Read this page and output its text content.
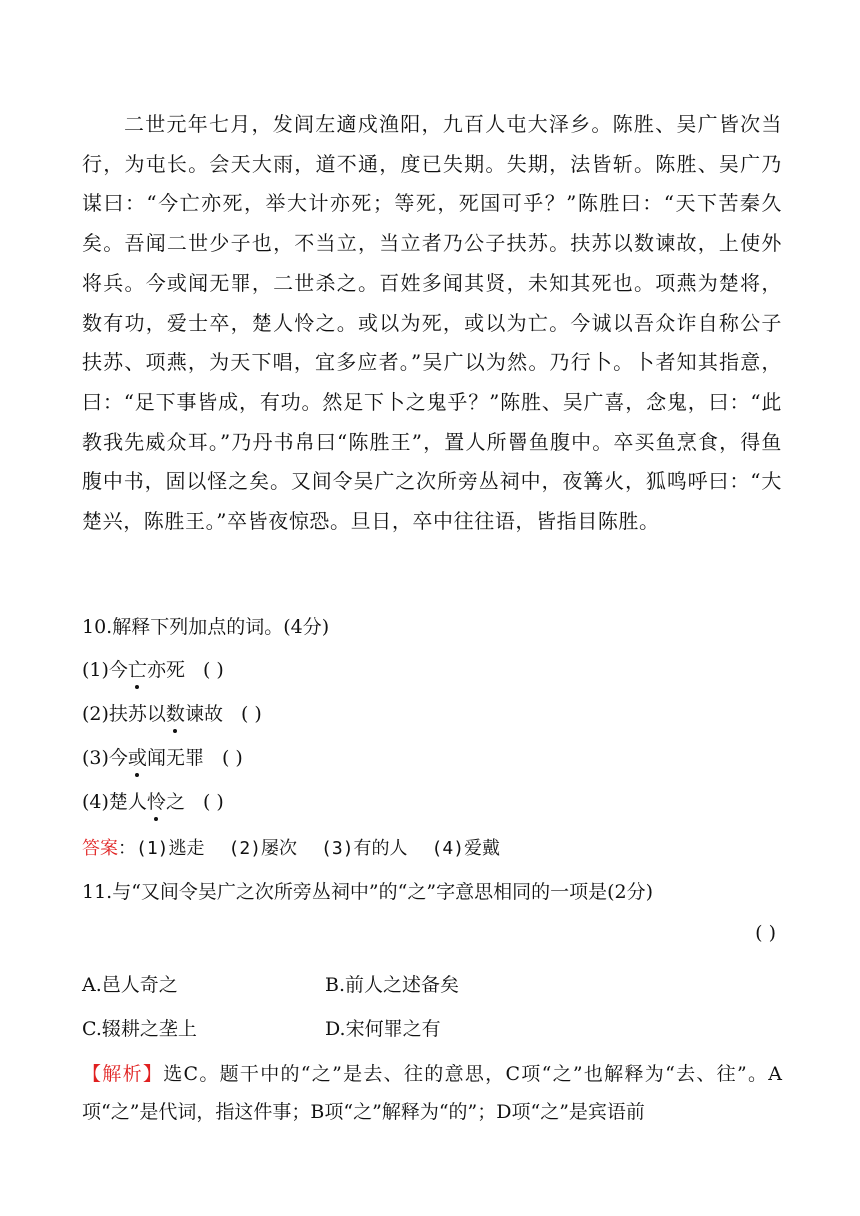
二世元年七月，发闾左適戍渔阳，九百人屯大泽乡。陈胜、吴广皆次当行，为屯长。会天大雨，道不通，度已失期。失期，法皆斩。陈胜、吴广乃谋曰：“今亡亦死，举大计亦死；等死，死国可乎？”陈胜曰：“天下苦秦久矣。吾闻二世少子也，不当立，当立者乃公子扶苏。扶苏以数谏故，上使外将兵。今或闻无罪，二世杀之。百姓多闻其贤，未知其死也。项燕为楚将，数有功，爱士卒，楚人怜之。或以为死，或以为亡。今诚以吾众诈自称公子扶苏、项燕，为天下唱，宜多应者。”吴广以为然。乃行卜。卜者知其指意，曰：“足下事皆成，有功。然足下卜之鬼乎？”陈胜、吴广喜，念鬼，曰：“此教我先威众耳。”乃丹书帛曰“陈胜王”，置人所罾鱼腹中。卒买鱼烹食，得鱼腹中书，固以怪之矣。又间令吴广之次所旁丛祠中，夜篝火，狐鸣呼曰：“大楚兴，陈胜王。”卒皆夜惊恐。旦日，卒中往往语，皆指目陈胜。

10.解释下列加点的词。(4分)
(1)今亡亦死 ( )
(2)扶苏以数谏故 ( )
(3)今或闻无罪 ( )
(4)楚人怜之 ( )
答案：(1)逃走 (2)屡次 (3)有的人 (4)爱戴
11.与“又间令吴广之次所旁丛祠中”的“之”字意思相同的一项是(2分)
( )
A.邑人奇之	B.前人之述备矣
C.辍耕之垄上	D.宋何罪之有
【解析】选C。题干中的“之”是去、往的意思，C项“之”也解释为“去、往”。A项“之”是代词，指这件事；B项“之”解释为“的”；D项“之”是宾语前
